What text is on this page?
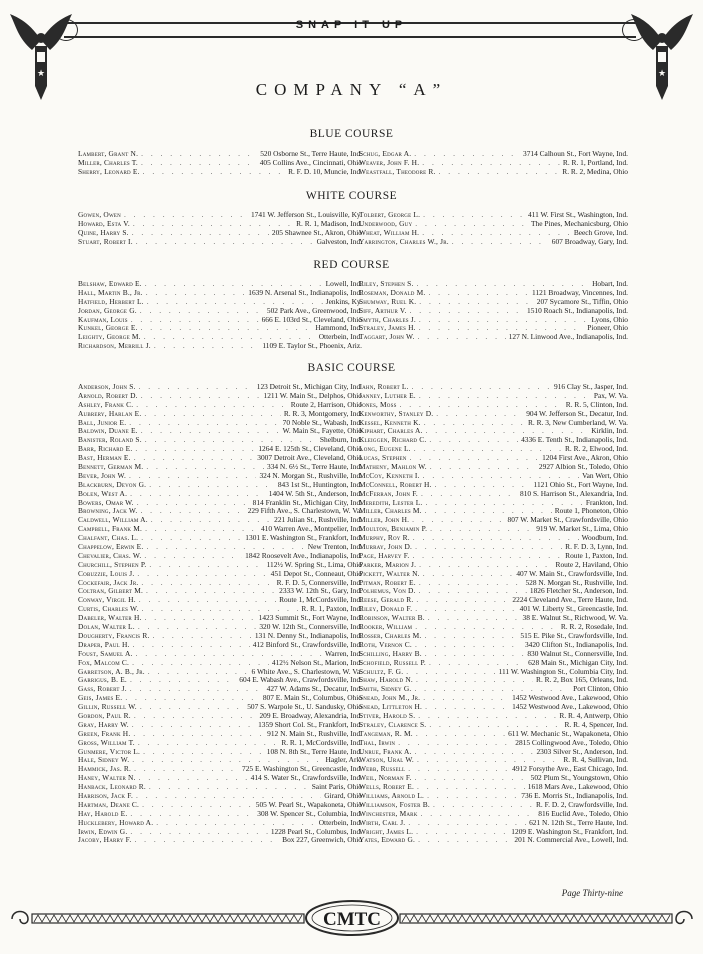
SNAP IT UP
★	★
COMPANY “A”
BLUE COURSE
Lambert, Grant N. . . .	520 Osborne St., Terre Haute, Ind.
Miller, Charles T. . . .	405 Collins Ave., Cincinnati, Ohio
Sherry, Leonard E. . . .	R. F. D. 10, Muncie, Ind.
Schug, Edgar A. . . .	3714 Calhoun St., Fort Wayne, Ind.
Weaver, John F. H. . . .	R. R. 1, Portland, Ind.
Weastfall, Theodore R. . . .	R. R. 2, Medina, Ohio
WHITE COURSE
Gowen, Owen . . .	1741 W. Jefferson St., Louisville, Ky.
Howard, Esta V. . . .	R. R. 1, Madison, Ind.
Quine, Harry S. . . .	205 Shawnee St., Akron, Ohio
Stuart, Robert I. . . .	Galveston, Ind.
Tolbert, George L. . . .	411 W. First St., Washington, Ind.
Underwood, Guy . . .	The Pines, Mechanicsburg, Ohio
Wheat, William H. . . .	Beech Grove, Ind.
Yarrington, Charles W., Jr. . . .	607 Broadway, Gary, Ind.
RED COURSE
Belshaw, Edward E. . . .	Lowell, Ind.
Hall, Martin B., Jr. . . .	1639 N. Arsenal St., Indianapolis, Ind.
Hatfield, Herbert L. . . .	Jenkins, Ky.
Jordan, George G. . . .	502 Park Ave., Greenwood, Ind.
Kaufman, Louis . . .	666 E. 103rd St., Cleveland, Ohio
Kunkel, George E. . . .	Hammond, Ind.
Leighty, George M. . . .	Otterbein, Ind.
Richardson, Merrill J. . . .	1109 E. Taylor St., Phoenix, Ariz.
Riley, Stephen S. . . .	Hobart, Ind.
Roseman, Donald M. . . .	1121 Broadway, Vincennes, Ind.
Shumway, Ruel K. . . .	207 Sycamore St., Tiffin, Ohio
Siff, Arthur V. . . .	1510 Roach St., Indianapolis, Ind.
Smyth, Charles J. . . .	Lyons, Ohio
Straley, James H. . . .	Pioneer, Ohio
Taggart, John W. . . .	127 N. Linwood Ave., Indianapolis, Ind.
BASIC COURSE
Anderson, John S. . . .	123 Detroit St., Michigan City, Ind.
Arnold, Robert D. . . .	1211 W. Main St., Delphos, Ohio
Ashley, Frank C. . . .	Route 2, Harrison, Ohio
Aubrery, Harlan E. . . .	R. R. 3, Montgomery, Ind.
Ball, Junior E. . . .	70 Noble St., Wabash, Ind.
Baldwin, Duane E. . . .	W. Main St., Fayette, Ohio
Banister, Roland S. . . .	Shelburn, Ind.
Barr, Richard E. . . .	1264 E. 125th St., Cleveland, Ohio
Bast, Herman E. . . .	3007 Detroit Ave., Cleveland, Ohio
Bennett, German M. . . .	334 N. 6½ St., Terre Haute, Ind.
Bever, John W. . . .	324 N. Morgan St., Rushville, Ind.
Blackburn, Devon G. . . .	843 1st St., Huntington, Ind.
Bolen, West A. . . .	1404 W. 5th St., Anderson, Ind.
Bowers, Omar W. . . .	814 Franklin St., Michigan City, Ind.
Browning, Jack W. . . .	229 Fifth Ave., S. Charlestown, W. Va.
Caldwell, William A. . . .	221 Julian St., Rushville, Ind.
Campbell, Frank M. . . .	410 Warren Ave., Montpelier, Ind.
Chalfant, Chas. L. . . .	1301 E. Washington St., Frankfort, Ind.
Chappelow, Erwin E. . . .	New Trenton, Ind.
Chevalier, Chas. W. . . .	1842 Roosevelt Ave., Indianapolis, Ind.
Churchill, Stephen P. . . .	112½ W. Spring St., Lima, Ohio
Cobuzzie, Louis J. . . .	451 Depot St., Conneaut, Ohio
Cockefair, Jack Jr. . . .	R. F. D. 5, Connersville, Ind.
Coltran, Gilbert M. . . .	2333 W. 12th St., Gary, Ind.
Conway, Virgil H. . . .	Route 1, McCordsville, Ind.
Curtis, Charles W. . . .	R. R. 1, Paxton, Ind.
Dabeler, Walter H. . . .	1423 Summit St., Fort Wayne, Ind.
Dolan, Walter L. . . .	320 W. 12th St., Connersville, Ind.
Dougherty, Francis R. . . .	131 N. Denny St., Indianapolis, Ind.
Draper, Paul H. . . .	412 Binford St., Crawfordsville, Ind.
Foust, Samuel A. . . .	Warren, Ind.
Fox, Malcom C. . . .	412½ Nelson St., Marion, Ind.
Garretson, A. B., Jr. . . .	6 White Ave., S. Charlestown, W. Va.
Garrigus, B. E. . . .	604 E. Wabash Ave., Crawfordsville, Ind.
Gass, Robert J. . . .	427 W. Adams St., Decatur, Ind.
Geis, James E. . . .	807 E. Main St., Columbus, Ohio
Gillin, Russell W. . . .	507 S. Warpole St., U. Sandusky, Ohio
Gordon, Paul R. . . .	209 E. Broadway, Alexandria, Ind.
Gray, Harry W. . . .	1359 Short Col. St., Frankfort, Ind.
Green, Frank H. . . .	912 N. Main St., Rushville, Ind.
Gross, William T. . . .	R. R. 1, McCordsville, Ind.
Gunmere, Victor L. . . .	108 N. 8th St., Terre Haute, Ind.
Hale, Sidney W. . . .	Hagler, Ark.
Hammick, Jas. R. . . .	725 E. Washington St., Greencastle, Ind.
Haney, Walter N. . . .	414 S. Water St., Crawfordsville, Ind.
Hanback, Leonard R. . . .	Saint Paris, Ohio
Harrison, Jack F. . . .	Girard, Ohio
Hartman, Deane C. . . .	505 W. Pearl St., Wapakoneta, Ohio
Hay, Harold E. . . .	308 W. Spencer St., Columbia, Ind.
Hucklebery, Howard A. . . .	Otterbein, Ind.
Irwin, Edwin G. . . .	1228 Pearl St., Columbus, Ind.
Jacoby, Harry F. . . .	Box 227, Greenwich, Ohio
Jahn, Robert L. . . .	916 Clay St., Jasper, Ind.
Janney, Luther E. . . .	Pax, W. Va.
Jones, Moss . . .	R. R. 5, Clinton, Ind.
Kenworthy, Stanley D. . . .	904 W. Jefferson St., Decatur, Ind.
Kessel, Kenneth K. . . .	R. R. 3, New Cumberland, W. Va.
Kiphart, Charles A. . . .	Kirklin, Ind.
Kleiggen, Richard C. . . .	4336 E. Tenth St., Indianapolis, Ind.
Long, Eugene L. . . .	R. R. 2, Elwood, Ind.
Lucas, Stephen . . .	1204 First Ave., Akron, Ohio
Matheny, Mahlon W. . . .	2927 Albion St., Toledo, Ohio
McCoy, Kenneth I. . . .	Van Wert, Ohio
McConnell, Robert H. . . .	1121 Ohio St., Fort Wayne, Ind.
McFerran, John F. . . .	810 S. Harrison St., Alexandria, Ind.
Meredith, Lester L. . . .	Frankton, Ind.
Miller, Charles M. . . .	Route 1, Phoneton, Ohio
Miller, John H. . . .	807 W. Market St., Crawfordsville, Ohio
Moulton, Benjamin P. . . .	919 W. Market St., Lima, Ohio
Murphy, Roy R. . . .	Woodburn, Ind.
Murray, John D. . . .	R. F. D. 3, Lynn, Ind.
Page, Harvey F. . . .	Route 1, Paxton, Ind.
Parker, Marion J. . . .	Route 2, Haviland, Ohio
Pickett, Walter N. . . .	407 W. Main St., Crawfordsville, Ind.
Pitman, Robert E. . . .	528 N. Morgan St., Rushville, Ind.
Polhemus, Von D. . . .	1826 Fletcher St., Anderson, Ind.
Reese, Gerald R. . . .	2224 Cleveland Ave., Terre Haute, Ind.
Riley, Donald F. . . .	401 W. Liberty St., Greencastle, Ind.
Robinson, Walter B. . . .	38 E. Walnut St., Richwood, W. Va.
Rooker, William . . .	R. R. 2, Rosedale, Ind.
Rosser, Charles M. . . .	515 E. Pike St., Crawfordsville, Ind.
Roth, Vernon C. . . .	3420 Clifton St., Indianapolis, Ind.
Schilling, Harry B. . . .	830 Walnut St., Connersville, Ind.
Schofield, Russell P. . . .	628 Main St., Michigan City, Ind.
Schultz, F. G. . . .	111 W. Washington St., Columbia City, Ind.
Shaw, Harold N. . . .	R. R. 2, Box 165, Orleans, Ind.
Smith, Sidney G. . . .	Port Clinton, Ohio
Snead, John M., Jr. . . .	1452 Westwood Ave., Lakewood, Ohio
Snead, Littleton H. . . .	1452 Westwood Ave., Lakewood, Ohio
Stiver, Harold S. . . .	R. R. 4, Antwerp, Ohio
Straley, Clarence S. . . .	R. R. 4, Spencer, Ind.
Tangeman, R. M. . . .	611 W. Mechanic St., Wapakoneta, Ohio
Thal, Irwin . . .	2815 Collingwood Ave., Toledo, Ohio
Unrue, Frank A. . . .	2303 Silver St., Anderson, Ind.
Watson, Ural W. . . .	R. R. 4, Sullivan, Ind.
Webb, Russell . . .	4912 Forsythe Ave., East Chicago, Ind.
Weil, Norman F. . . .	502 Plum St., Youngstown, Ohio
Wells, Robert E. . . .	1618 Mars Ave., Lakewood, Ohio
Williams, Arnold L. . . .	736 E. Morris St., Indianapolis, Ind.
Williamson, Foster B. . . .	R. F. D. 2, Crawfordsville, Ind.
Winchester, Mark . . .	816 Euclid Ave., Toledo, Ohio
Wirth, Carl J. . . .	621 N. 12th St., Terre Haute, Ind.
Wright, James L. . . .	1209 E. Washington St., Frankfort, Ind.
Yates, Edward G. . . .	201 N. Commercial Ave., Lowell, Ind.
Page Thirty-nine
CMTC
